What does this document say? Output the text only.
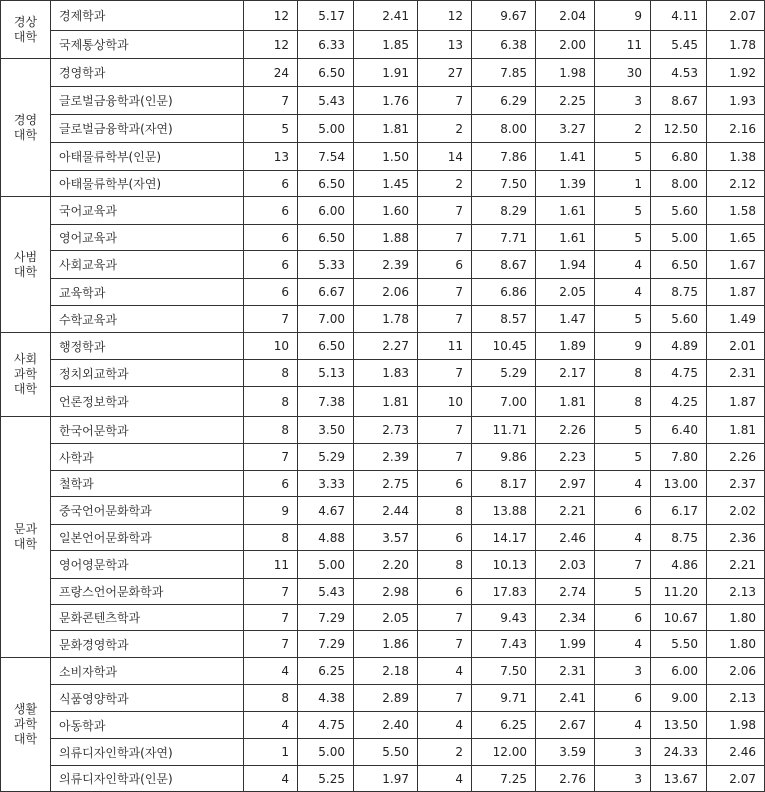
경상
대학	경제학과	12	5.17	2.41	12	9.67	2.04	9	4.11	2.07
	국제통상학과	12	6.33	1.85	13	6.38	2.00	11	5.45	1.78

경영
대학	경영학과	24	6.50	1.91	27	7.85	1.98	30	4.53	1.92
	글로벌금융학과(인문)	7	5.43	1.76	7	6.29	2.25	3	8.67	1.93
	글로벌금융학과(자연)	5	5.00	1.81	2	8.00	3.27	2	12.50	2.16
	아태물류학부(인문)	13	7.54	1.50	14	7.86	1.41	5	6.80	1.38
	아태물류학부(자연)	6	6.50	1.45	2	7.50	1.39	1	8.00	2.12

사범
대학	국어교육과	6	6.00	1.60	7	8.29	1.61	5	5.60	1.58
	영어교육과	6	6.50	1.88	7	7.71	1.61	5	5.00	1.65
	사회교육과	6	5.33	2.39	6	8.67	1.94	4	6.50	1.67
	교육학과	6	6.67	2.06	7	6.86	2.05	4	8.75	1.87
	수학교육과	7	7.00	1.78	7	8.57	1.47	5	5.60	1.49

사회
과학
대학	행정학과	10	6.50	2.27	11	10.45	1.89	9	4.89	2.01
	정치외교학과	8	5.13	1.83	7	5.29	2.17	8	4.75	2.31
	언론정보학과	8	7.38	1.81	10	7.00	1.81	8	4.25	1.87

문과
대학	한국어문학과	8	3.50	2.73	7	11.71	2.26	5	6.40	1.81
	사학과	7	5.29	2.39	7	9.86	2.23	5	7.80	2.26
	철학과	6	3.33	2.75	6	8.17	2.97	4	13.00	2.37
	중국언어문화학과	9	4.67	2.44	8	13.88	2.21	6	6.17	2.02
	일본언어문화학과	8	4.88	3.57	6	14.17	2.46	4	8.75	2.36
	영어영문학과	11	5.00	2.20	8	10.13	2.03	7	4.86	2.21
	프랑스언어문화학과	7	5.43	2.98	6	17.83	2.74	5	11.20	2.13
	문화콘텐츠학과	7	7.29	2.05	7	9.43	2.34	6	10.67	1.80
	문화경영학과	7	7.29	1.86	7	7.43	1.99	4	5.50	1.80

생활
과학
대학	소비자학과	4	6.25	2.18	4	7.50	2.31	3	6.00	2.06
	식품영양학과	8	4.38	2.89	7	9.71	2.41	6	9.00	2.13
	아동학과	4	4.75	2.40	4	6.25	2.67	4	13.50	1.98
	의류디자인학과(자연)	1	5.00	5.50	2	12.00	3.59	3	24.33	2.46
	의류디자인학과(인문)	4	5.25	1.97	4	7.25	2.76	3	13.67	2.07
